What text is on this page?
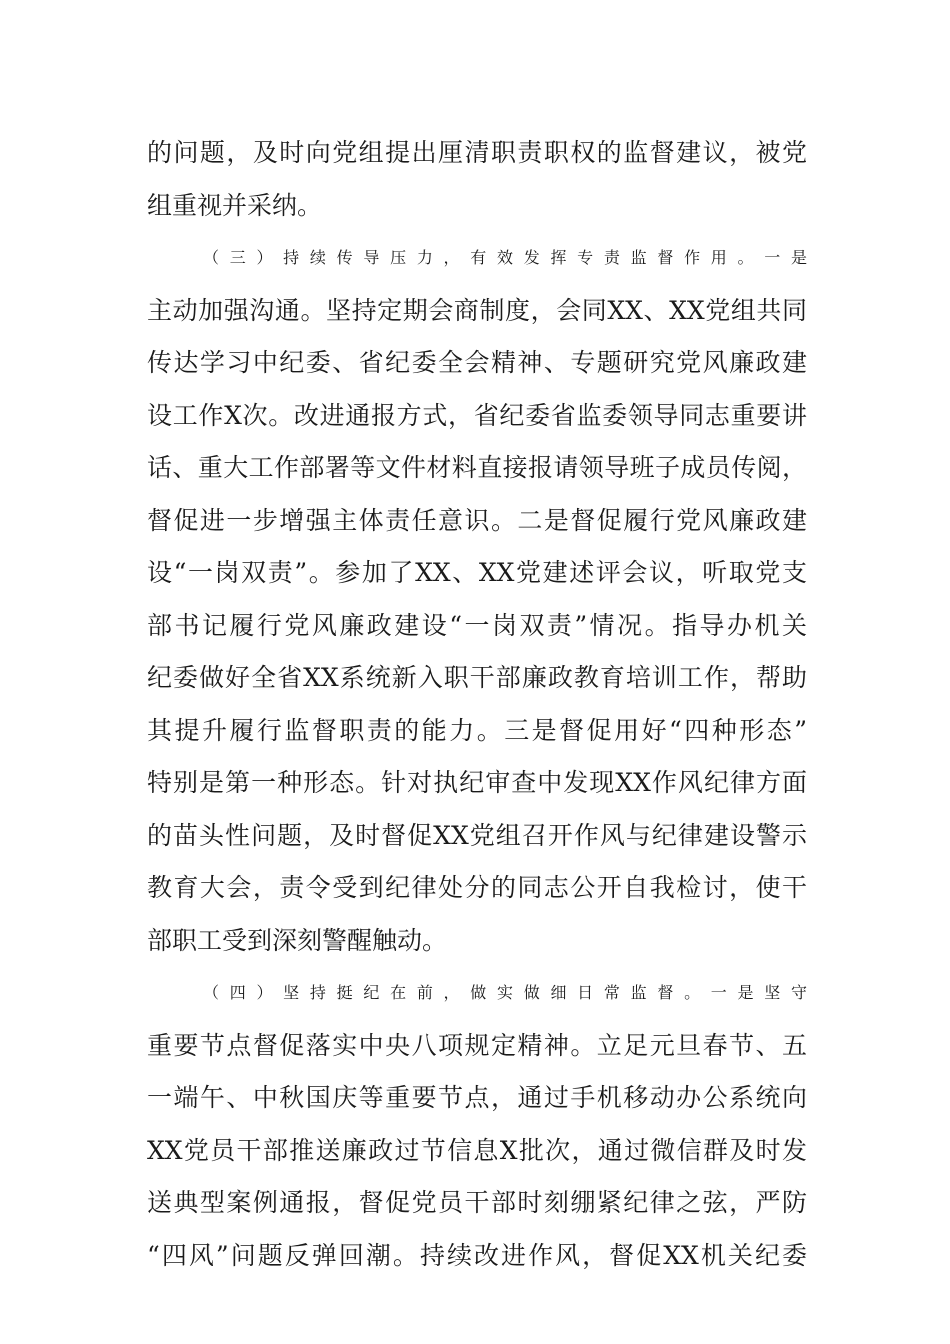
的问题，及时向党组提出厘清职责职权的监督建议，被党
组重视并采纳。
（三）持续传导压力，有效发挥专责监督作用。一是
主动加强沟通。坚持定期会商制度，会同XX、XX党组共同
传达学习中纪委、省纪委全会精神、专题研究党风廉政建
设工作X次。改进通报方式，省纪委省监委领导同志重要讲
话、重大工作部署等文件材料直接报请领导班子成员传阅，
督促进一步增强主体责任意识。二是督促履行党风廉政建
设“一岗双责”。参加了XX、XX党建述评会议，听取党支
部书记履行党风廉政建设“一岗双责”情况。指导办机关
纪委做好全省XX系统新入职干部廉政教育培训工作，帮助
其提升履行监督职责的能力。三是督促用好“四种形态”
特别是第一种形态。针对执纪审查中发现XX作风纪律方面
的苗头性问题，及时督促XX党组召开作风与纪律建设警示
教育大会，责令受到纪律处分的同志公开自我检讨，使干
部职工受到深刻警醒触动。
（四）坚持挺纪在前，做实做细日常监督。一是坚守
重要节点督促落实中央八项规定精神。立足元旦春节、五
一端午、中秋国庆等重要节点，通过手机移动办公系统向
XX党员干部推送廉政过节信息X批次，通过微信群及时发
送典型案例通报，督促党员干部时刻绷紧纪律之弦，严防
“四风”问题反弹回潮。持续改进作风，督促XX机关纪委
